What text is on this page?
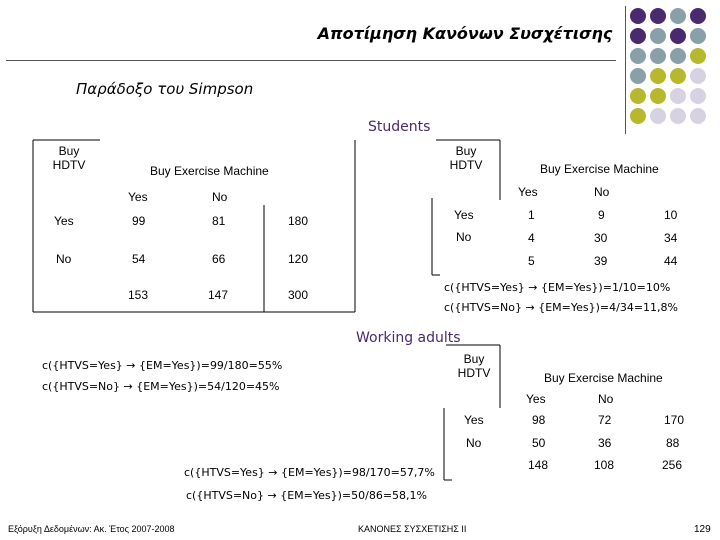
Αποτίμηση Κανόνων Συσχέτισης
Παράδοξο του Simpson
Buy
HDTV	Buy Exercise Machine
Yes	No
Yes	99	81	180
No	54	66	120
153	147	300
Students
Buy
HDTV	Buy Exercise Machine
Yes	No
Yes	1	9	10
No	4	30	34
5	39	44
c({HTVS=Yes} → {EM=Yes})=1/10=10%
c({HTVS=No} → {EM=Yes})=4/34=11,8%
c({HTVS=Yes} → {EM=Yes})=99/180=55%
c({HTVS=No} → {EM=Yes})=54/120=45%
Working adults
Buy
HDTV	Buy Exercise Machine
Yes	No
Yes	98	72	170
No	50	36	88
148	108	256
c({HTVS=Yes} → {EM=Yes})=98/170=57,7%
c({HTVS=No} → {EM=Yes})=50/86=58,1%
Εξόρυξη Δεδομένων: Ακ. Έτος 2007-2008	ΚΑΝΟΝΕΣ ΣΥΣΧΕΤΙΣΗΣ ΙΙ	129
